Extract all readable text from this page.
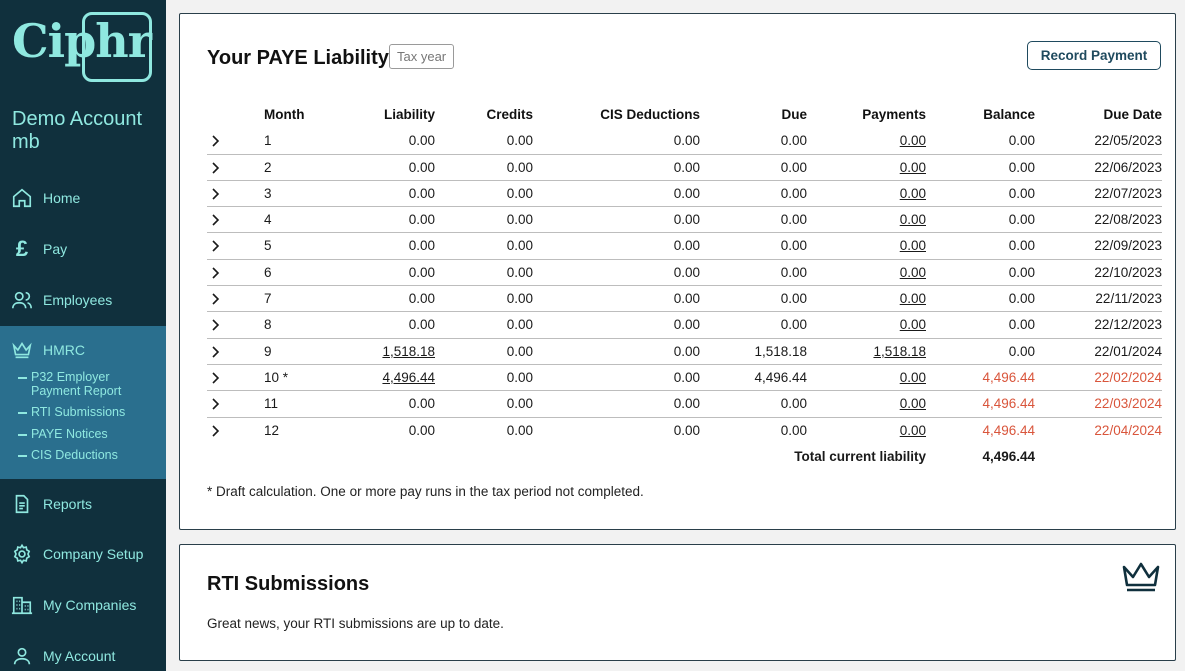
Ciphr
Demo Account mb
Home
£	Pay
Employees
HMRC
P32 Employer Payment Report
RTI Submissions
PAYE Notices
CIS Deductions
Reports
Company Setup
My Companies
My Account
Your PAYE Liability Tax year	Record Payment
Month	Liability	Credits	CIS Deductions	Due	Payments	Balance	Due Date
1	0.00	0.00	0.00	0.00	0.00	0.00	22/05/2023
2	0.00	0.00	0.00	0.00	0.00	0.00	22/06/2023
3	0.00	0.00	0.00	0.00	0.00	0.00	22/07/2023
4	0.00	0.00	0.00	0.00	0.00	0.00	22/08/2023
5	0.00	0.00	0.00	0.00	0.00	0.00	22/09/2023
6	0.00	0.00	0.00	0.00	0.00	0.00	22/10/2023
7	0.00	0.00	0.00	0.00	0.00	0.00	22/11/2023
8	0.00	0.00	0.00	0.00	0.00	0.00	22/12/2023
9	1,518.18	0.00	0.00	1,518.18	1,518.18	0.00	22/01/2024
10 *	4,496.44	0.00	0.00	4,496.44	0.00	4,496.44	22/02/2024
11	0.00	0.00	0.00	0.00	0.00	4,496.44	22/03/2024
12	0.00	0.00	0.00	0.00	0.00	4,496.44	22/04/2024
Total current liability	4,496.44

* Draft calculation. One or more pay runs in the tax period not completed.

RTI Submissions

Great news, your RTI submissions are up to date.
